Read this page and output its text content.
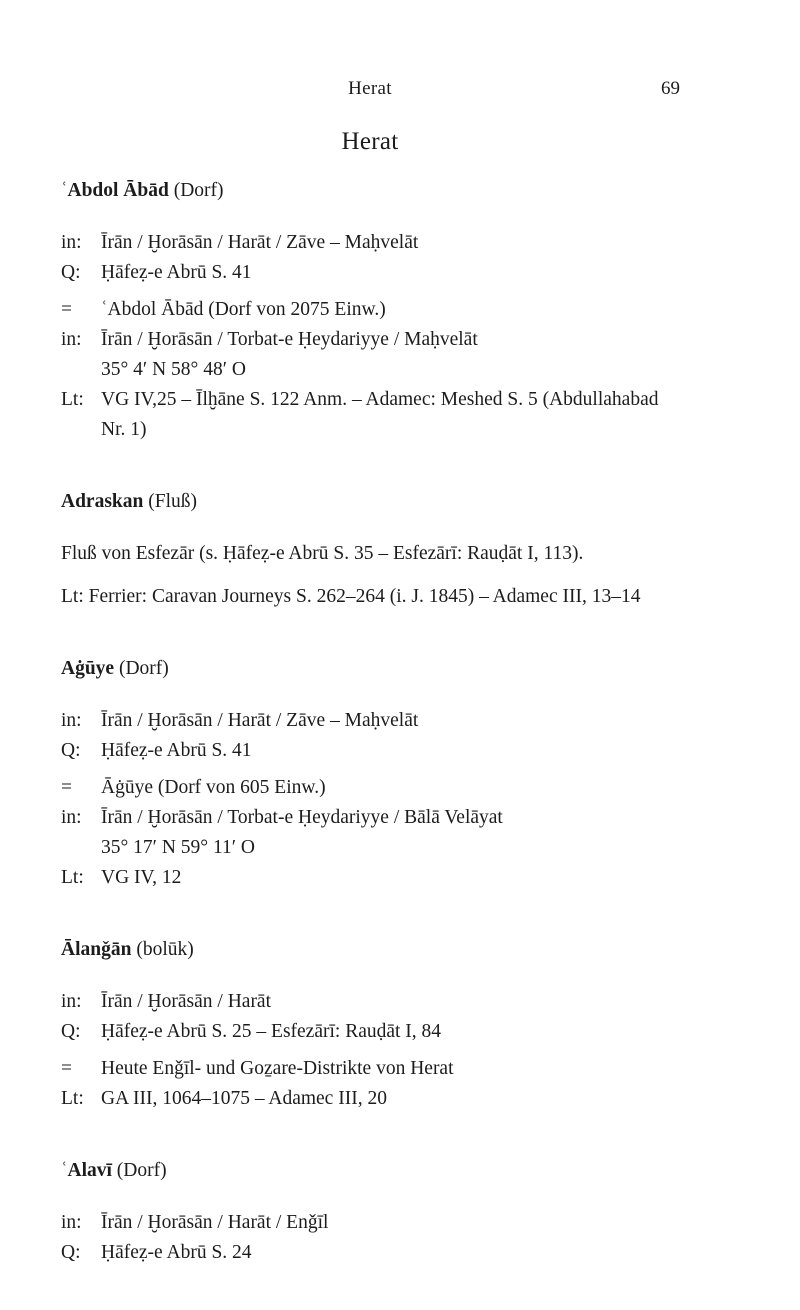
Herat	69
Herat
ʿAbdol Ābād (Dorf)
in: Īrān / Ḫorāsān / Harāt / Zāve – Maḥvelāt
Q:	Ḥāfeẓ-e Abrū S. 41
=	ʿAbdol Ābād (Dorf von 2075 Einw.)
in: Īrān / Ḫorāsān / Torbat-e Ḥeydariyye / Maḥvelāt
35° 4′ N 58° 48′ O
Lt: VG IV,25 – Īlḫāne S. 122 Anm. – Adamec: Meshed S. 5 (Abdullahabad Nr. 1)
Adraskan (Fluß)
Fluß von Esfezār (s. Ḥāfeẓ-e Abrū S. 35 – Esfezārī: Rauḍāt I, 113).
Lt: Ferrier: Caravan Journeys S. 262–264 (i. J. 1845) – Adamec III, 13–14
Aġūye (Dorf)
in: Īrān / Ḫorāsān / Harāt / Zāve – Maḥvelāt
Q:	Ḥāfeẓ-e Abrū S. 41
=	Āġūye (Dorf von 605 Einw.)
in: Īrān / Ḫorāsān / Torbat-e Ḥeydariyye / Bālā Velāyat
35° 17′ N 59° 11′ O
Lt: VG IV, 12
Ālanǧān (bolūk)
in: Īrān / Ḫorāsān / Harāt
Q:	Ḥāfeẓ-e Abrū S. 25 – Esfezārī: Rauḍāt I, 84
=	Heute Enǧīl- und Goẕare-Distrikte von Herat
Lt: GA III, 1064–1075 – Adamec III, 20
ʿAlavī (Dorf)
in: Īrān / Ḫorāsān / Harāt / Enǧīl
Q:	Ḥāfeẓ-e Abrū S. 24
